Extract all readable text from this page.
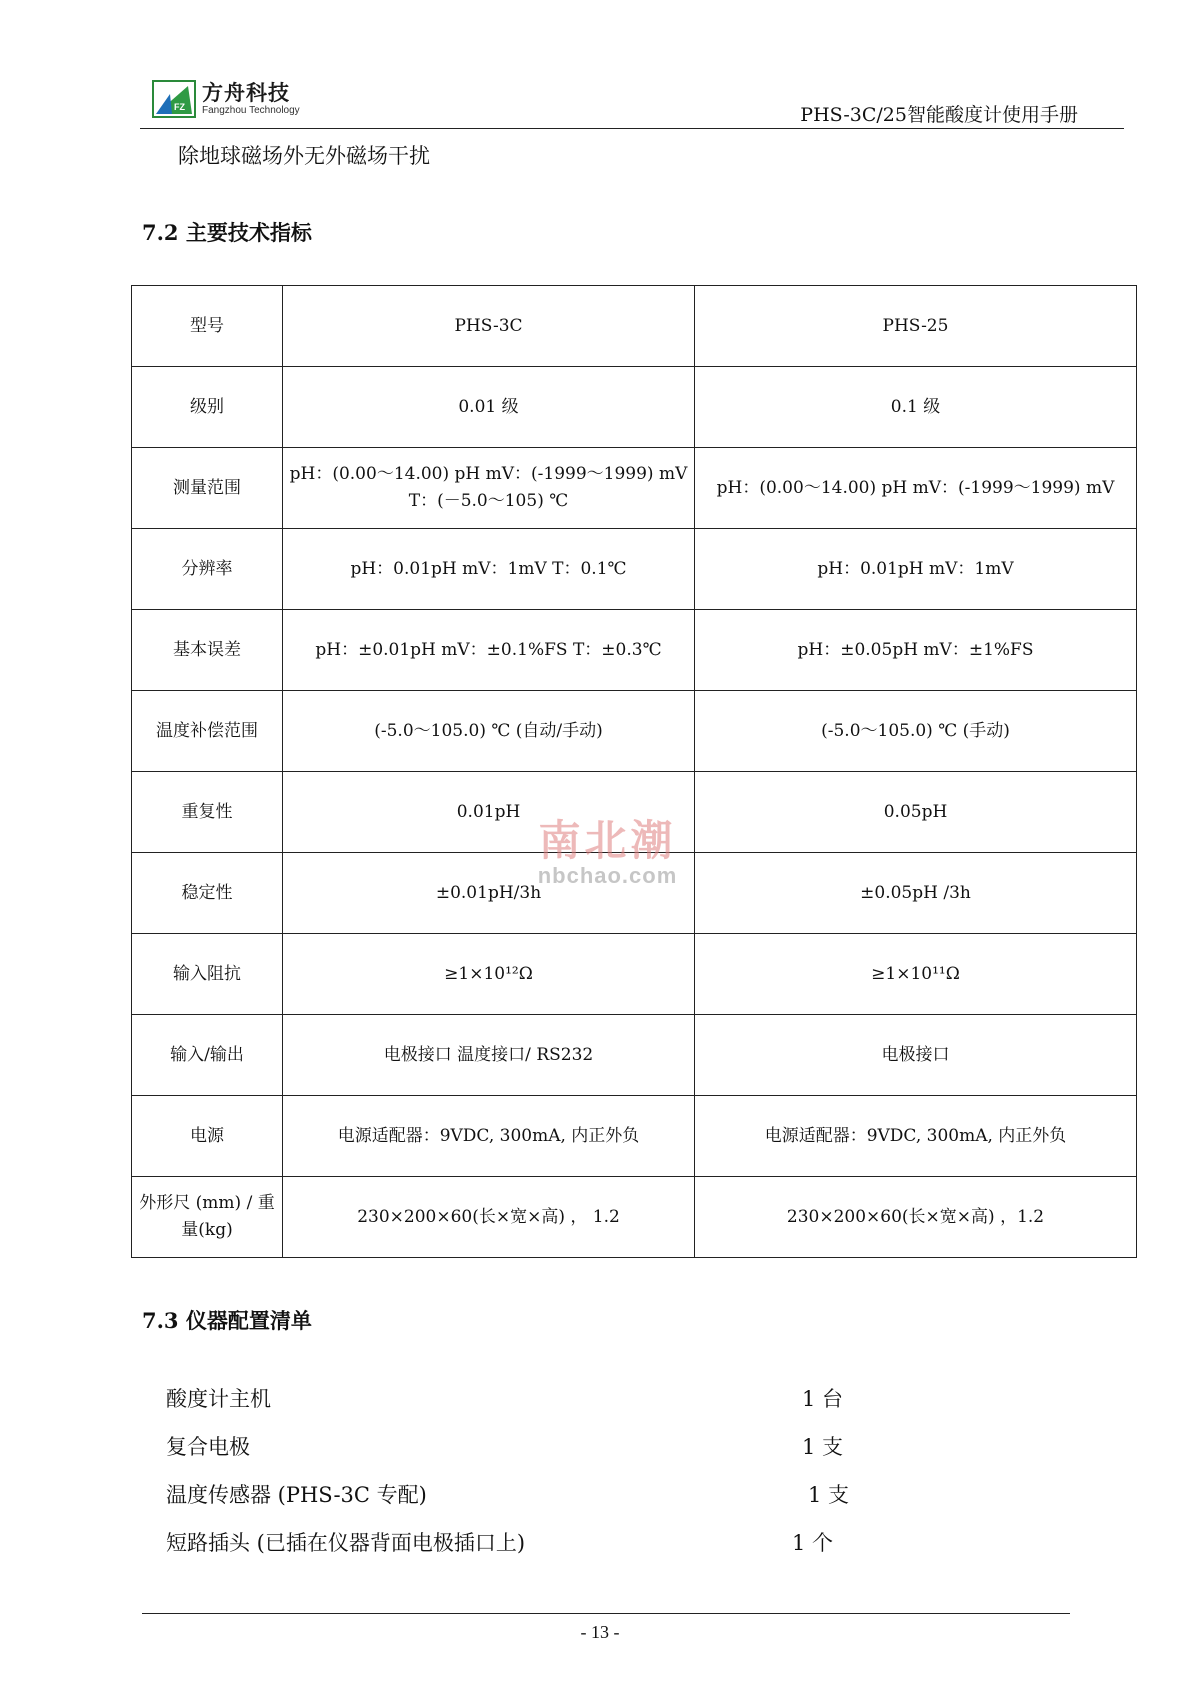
FZ
方舟科技
Fangzhou Technology	PHS-3C/25智能酸度计使用手册
除地球磁场外无外磁场干扰
7.2 主要技术指标
型号	PHS-3C	PHS-25
级别	0.01 级	0.1 级
测量范围	pH：(0.00～14.00) pH mV：(-1999～1999) mV T：(－5.0～105) ℃	pH：(0.00～14.00) pH mV：(-1999～1999) mV
分辨率	pH：0.01pH mV：1mV T：0.1℃	pH：0.01pH mV：1mV
基本误差	pH：±0.01pH mV：±0.1%FS T：±0.3℃	pH：±0.05pH mV：±1%FS
温度补偿范围	(-5.0～105.0) ℃ (自动/手动)	(-5.0～105.0) ℃ (手动)
重复性	0.01pH	0.05pH
稳定性	±0.01pH/3h	±0.05pH /3h
输入阻抗	≥1×10¹²Ω	≥1×10¹¹Ω
输入/输出	电极接口 温度接口/ RS232	电极接口
电源	电源适配器：9VDC, 300mA, 内正外负	电源适配器：9VDC, 300mA, 内正外负
外形尺 (mm) / 重量(kg)	230×200×60(长×宽×高) ， 1.2	230×200×60(长×宽×高) ，1.2
7.3 仪器配置清单
酸度计主机	1 台
复合电极	1 支
温度传感器 (PHS-3C 专配)	1 支
短路插头 (已插在仪器背面电极插口上)	1 个
- 13 -
南北潮
nbchao.com
